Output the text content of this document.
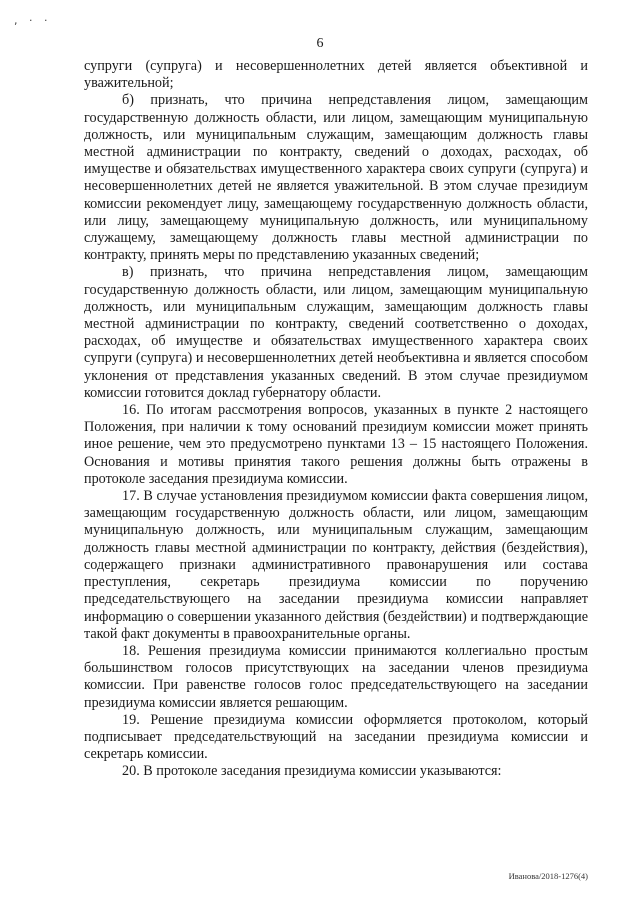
, · ·
6

супруги (супруга) и несовершеннолетних детей является объективной и уважительной;

б) признать, что причина непредставления лицом, замещающим государственную должность области, или лицом, замещающим муниципальную должность, или муниципальным служащим, замещающим должность главы местной администрации по контракту, сведений о доходах, расходах, об имуществе и обязательствах имущественного характера своих супруги (супруга) и несовершеннолетних детей не является уважительной. В этом случае президиум комиссии рекомендует лицу, замещающему государственную должность области, или лицу, замещающему муниципальную должность, или муниципальному служащему, замещающему должность главы местной администрации по контракту, принять меры по представлению указанных сведений;

в) признать, что причина непредставления лицом, замещающим государственную должность области, или лицом, замещающим муниципальную должность, или муниципальным служащим, замещающим должность главы местной администрации по контракту, сведений соответственно о доходах, расходах, об имуществе и обязательствах имущественного характера своих супруги (супруга) и несовершеннолетних детей необъективна и является способом уклонения от представления указанных сведений. В этом случае президиумом комиссии готовится доклад губернатору области.

16. По итогам рассмотрения вопросов, указанных в пункте 2 настоящего Положения, при наличии к тому оснований президиум комиссии может принять иное решение, чем это предусмотрено пунктами 13 – 15 настоящего Положения. Основания и мотивы принятия такого решения должны быть отражены в протоколе заседания президиума комиссии.

17. В случае установления президиумом комиссии факта совершения лицом, замещающим государственную должность области, или лицом, замещающим муниципальную должность, или муниципальным служащим, замещающим должность главы местной администрации по контракту, действия (бездействия), содержащего признаки административного правонарушения или состава преступления, секретарь президиума комиссии по поручению председательствующего на заседании президиума комиссии направляет информацию о совершении указанного действия (бездействии) и подтверждающие такой факт документы в правоохранительные органы.

18. Решения президиума комиссии принимаются коллегиально простым большинством голосов присутствующих на заседании членов президиума комиссии. При равенстве голосов голос председательствующего на заседании президиума комиссии является решающим.

19. Решение президиума комиссии оформляется протоколом, который подписывает председательствующий на заседании президиума комиссии и секретарь комиссии.

20. В протоколе заседания президиума комиссии указываются:

Иванова/2018-1276(4)
